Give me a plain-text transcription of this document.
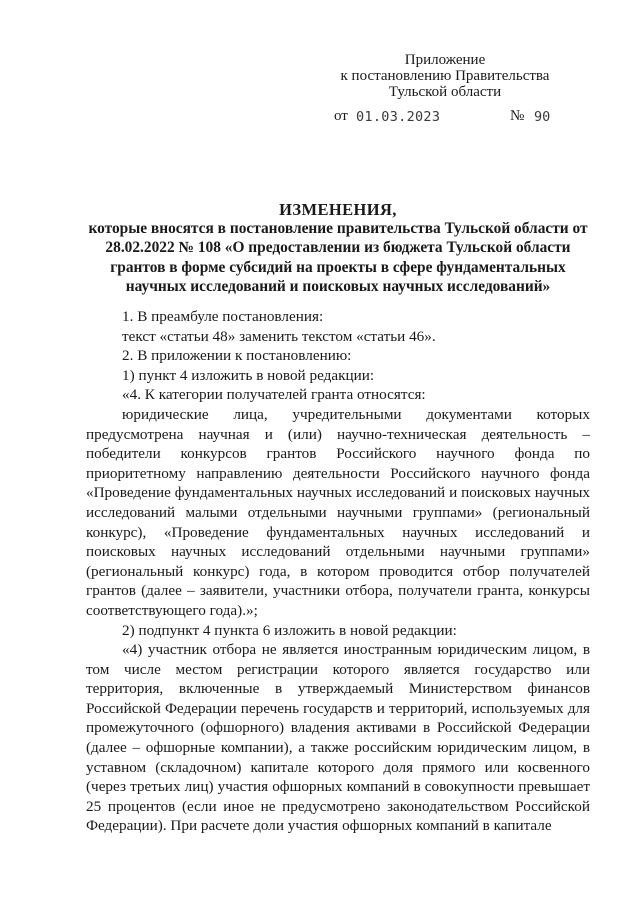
Приложение
к постановлению Правительства
Тульской области
от 01.03.2023	№ 90
ИЗМЕНЕНИЯ,
которые вносятся в постановление правительства Тульской области от 28.02.2022 № 108 «О предоставлении из бюджета Тульской области грантов в форме субсидий на проекты в сфере фундаментальных научных исследований и поисковых научных исследований»

1. В преамбуле постановления:

текст «статьи 48» заменить текстом «статьи 46».

2. В приложении к постановлению:

1) пункт 4 изложить в новой редакции:

«4. К категории получателей гранта относятся:

юридические лица, учредительными документами которых предусмотрена научная и (или) научно-техническая деятельность – победители конкурсов грантов Российского научного фонда по приоритетному направлению деятельности Российского научного фонда «Проведение фундаментальных научных исследований и поисковых научных исследований малыми отдельными научными группами» (региональный конкурс), «Проведение фундаментальных научных исследований и поисковых научных исследований отдельными научными группами» (региональный конкурс) года, в котором проводится отбор получателей грантов (далее – заявители, участники отбора, получатели гранта, конкурсы соответствующего года).»;

2) подпункт 4 пункта 6 изложить в новой редакции:

«4) участник отбора не является иностранным юридическим лицом, в том числе местом регистрации которого является государство или территория, включенные в утверждаемый Министерством финансов Российской Федерации перечень государств и территорий, используемых для промежуточного (офшорного) владения активами в Российской Федерации (далее – офшорные компании), а также российским юридическим лицом, в уставном (складочном) капитале которого доля прямого или косвенного (через третьих лиц) участия офшорных компаний в совокупности превышает 25 процентов (если иное не предусмотрено законодательством Российской Федерации). При расчете доли участия офшорных компаний в капитале
